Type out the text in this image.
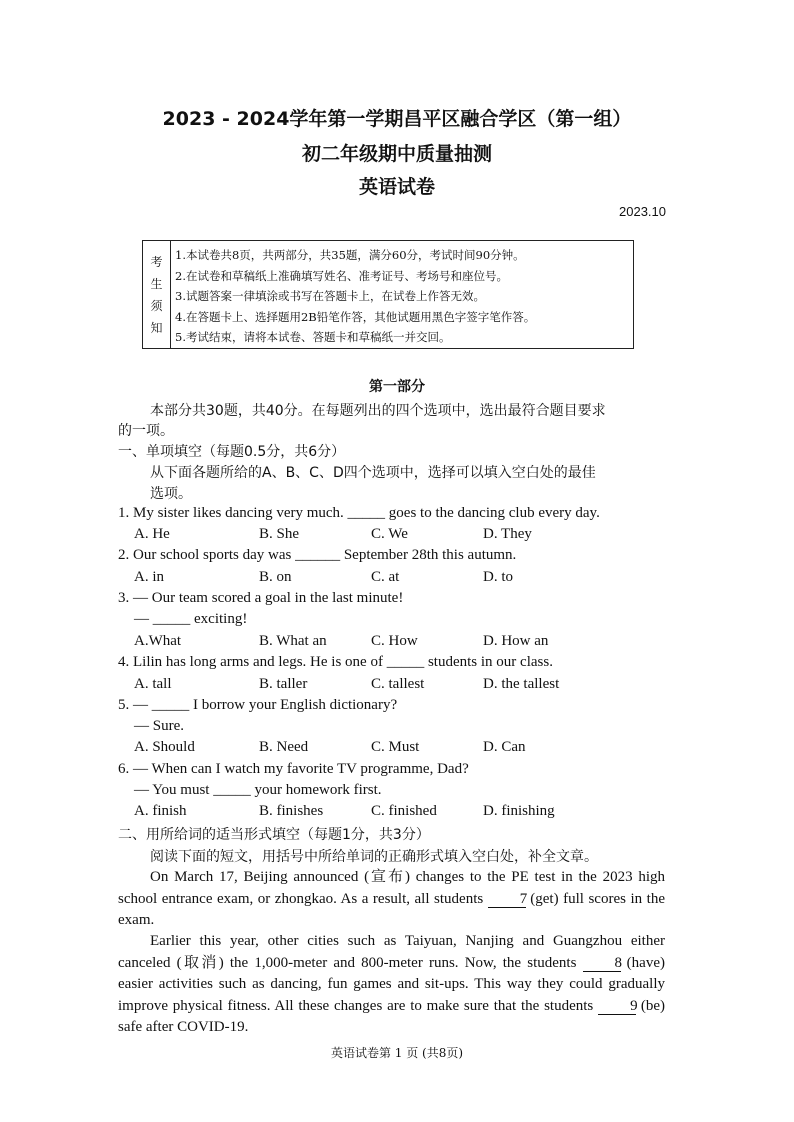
2023 - 2024学年第一学期昌平区融合学区（第一组）
初二年级期中质量抽测
英语试卷
2023.10
考
生
须
知
1.本试卷共8页，共两部分，共35题，满分60分，考试时间90分钟。
2.在试卷和草稿纸上准确填写姓名、准考证号、考场号和座位号。
3.试题答案一律填涂或书写在答题卡上，在试卷上作答无效。
4.在答题卡上、选择题用2B铅笔作答，其他试题用黑色字签字笔作答。
5.考试结束，请将本试卷、答题卡和草稿纸一并交回。
第一部分
本部分共30题，共40分。在每题列出的四个选项中，选出最符合题目要求
的一项。
一、单项填空（每题0.5分，共6分）
从下面各题所给的A、B、C、D四个选项中，选择可以填入空白处的最佳
选项。
1. My sister likes dancing very much. _____ goes to the dancing club every day.
A. He	B. She	C. We	D. They
2. Our school sports day was ______ September 28th this autumn.
A. in	B. on	C. at	D. to
3. — Our team scored a goal in the last minute!
— _____ exciting!
A.What	B. What an	C. How	D. How an
4. Lilin has long arms and legs. He is one of _____ students in our class.
A. tall	B. taller	C. tallest	D. the tallest
5. — _____ I borrow your English dictionary?
— Sure.
A. Should	B. Need	C. Must	D. Can
6. — When can I watch my favorite TV programme, Dad?
— You must _____ your homework first.
A. finish	B. finishes	C. finished	D. finishing
二、用所给词的适当形式填空（每题1分，共3分）
阅读下面的短文，用括号中所给单词的正确形式填入空白处，补全文章。
On March 17, Beijing announced (宣布) changes to the PE test in the 2023 high school entrance exam, or zhongkao. As a result, all students 7 (get) full scores in the exam.
Earlier this year, other cities such as Taiyuan, Nanjing and Guangzhou either canceled (取消) the 1,000-meter and 800-meter runs. Now, the students 8 (have) easier activities such as dancing, fun games and sit-ups. This way they could gradually improve physical fitness. All these changes are to make sure that the students 9 (be) safe after COVID-19.
英语试卷第 1 页 (共8页)
